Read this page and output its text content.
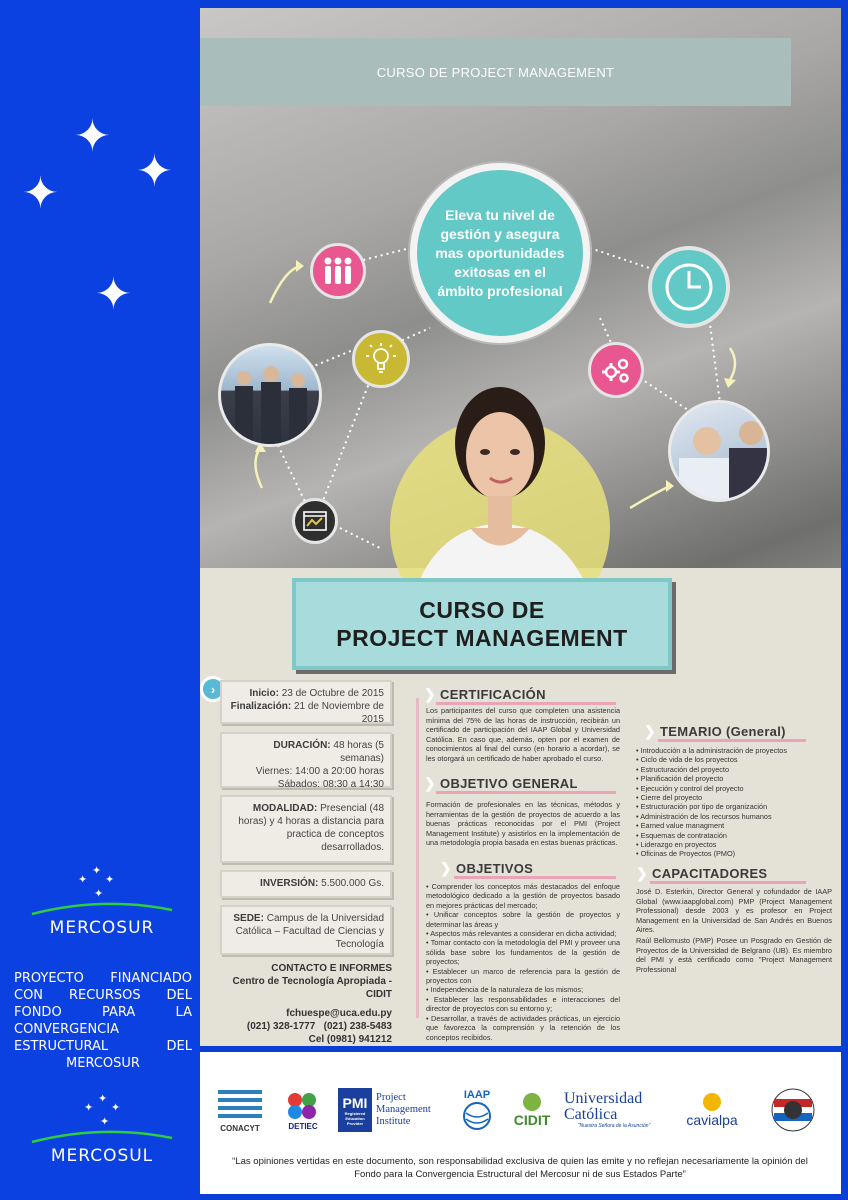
✦
✦
✦
✦
✦
✦
✦
✦
MERCOSUR
PROYECTO FINANCIADO CON RECURSOS DEL FONDO PARA LA CONVERGENCIA ESTRUCTURAL DEL MERCOSUR
✦
✦
✦
✦
MERCOSUL
CURSO DE PROJECT MANAGEMENT
Eleva tu nivel de gestión y asegura mas oportunidades exitosas en el ámbito profesional
CURSO DE
PROJECT MANAGEMENT
›	Inicio: 23 de Octubre de 2015
Finalización: 21 de Noviembre de 2015
DURACIÓN: 48 horas (5 semanas)
Viernes: 14:00 a 20:00 horas
Sábados: 08:30 a 14:30
MODALIDAD: Presencial (48 horas) y 4 horas a distancia para practica de conceptos desarrollados.
INVERSIÓN: 5.500.000 Gs.
SEDE: Campus de la Universidad Católica – Facultad de Ciencias y Tecnología
CONTACTO E INFORMES
Centro de Tecnología Apropiada - CIDIT
fchuespe@uca.edu.py
(021) 328-1777 (021) 238-5483
Cel (0981) 941212
❯ CERTIFICACIÓN
Los participantes del curso que completen una asistencia mínima del 75% de las horas de instrucción, recibirán un certificado de participación del IAAP Global y Universidad Católica. En caso que, además, opten por el examen de conocimientos al final del curso (en horario a acordar), se les otorgará un certificado de haber aprobado el curso.
❯ OBJETIVO GENERAL
Formación de profesionales en las técnicas, métodos y herramientas de la gestión de proyectos de acuerdo a las buenas prácticas reconocidas por el PMI (Project Management Institute) y asistirlos en la implementación de una metodología propia basada en estas buenas prácticas.
❯ OBJETIVOS
• Comprender los conceptos más destacados del enfoque metodológico dedicado a la gestión de proyectos basado en mejores prácticas del mercado;
• Unificar conceptos sobre la gestión de proyectos y determinar las áreas y
• Aspectos más relevantes a considerar en dicha actividad;
• Tomar contacto con la metodología del PMI y proveer una sólida base sobre los fundamentos de la gestión de proyectos;
• Establecer un marco de referencia para la gestión de proyectos con
• Independencia de la naturaleza de los mismos;
• Establecer las responsabilidades e interacciones del director de proyectos con su entorno y;
• Desarrollar, a través de actividades prácticas, un ejercicio que favorezca la comprensión y la retención de los conceptos recibidos.
❯ TEMARIO (General)
• Introducción a la administración de proyectos
• Ciclo de vida de los proyectos
• Estructuración del proyecto
• Planificación del proyecto
• Ejecución y control del proyecto
• Cierre del proyecto
• Estructuración por tipo de organización
• Administración de los recursos humanos
• Earned value managment
• Esquemas de contratación
• Liderazgo en proyectos
• Oficinas de Proyectos (PMO)
❯ CAPACITADORES
José D. Esterkin, Director General y cofundador de IAAP Global (www.iaapglobal.com) PMP (Project Management Professional) desde 2003 y es profesor en Project Management en la Universidad de San Andrés en Buenos Aires.
Raúl Bellomusto (PMP) Posee un Posgrado en Gestión de Proyectos de la Universidad de Belgrano (UB). Es miembro del PMI y está certificado como "Project Management Professional
CONACYT	DETIEC
PMI
Registered Education Provider
Project Management Institute
IAAP
CIDIT
Universidad Católica
"Nuestra Señora de la Asunción"	cavialpa
“Las opiniones vertidas en este documento, son responsabilidad exclusiva de quien las emite y no reflejan necesariamente la opinión del Fondo para la Convergencia Estructural del Mercosur ni de sus Estados Parte”
